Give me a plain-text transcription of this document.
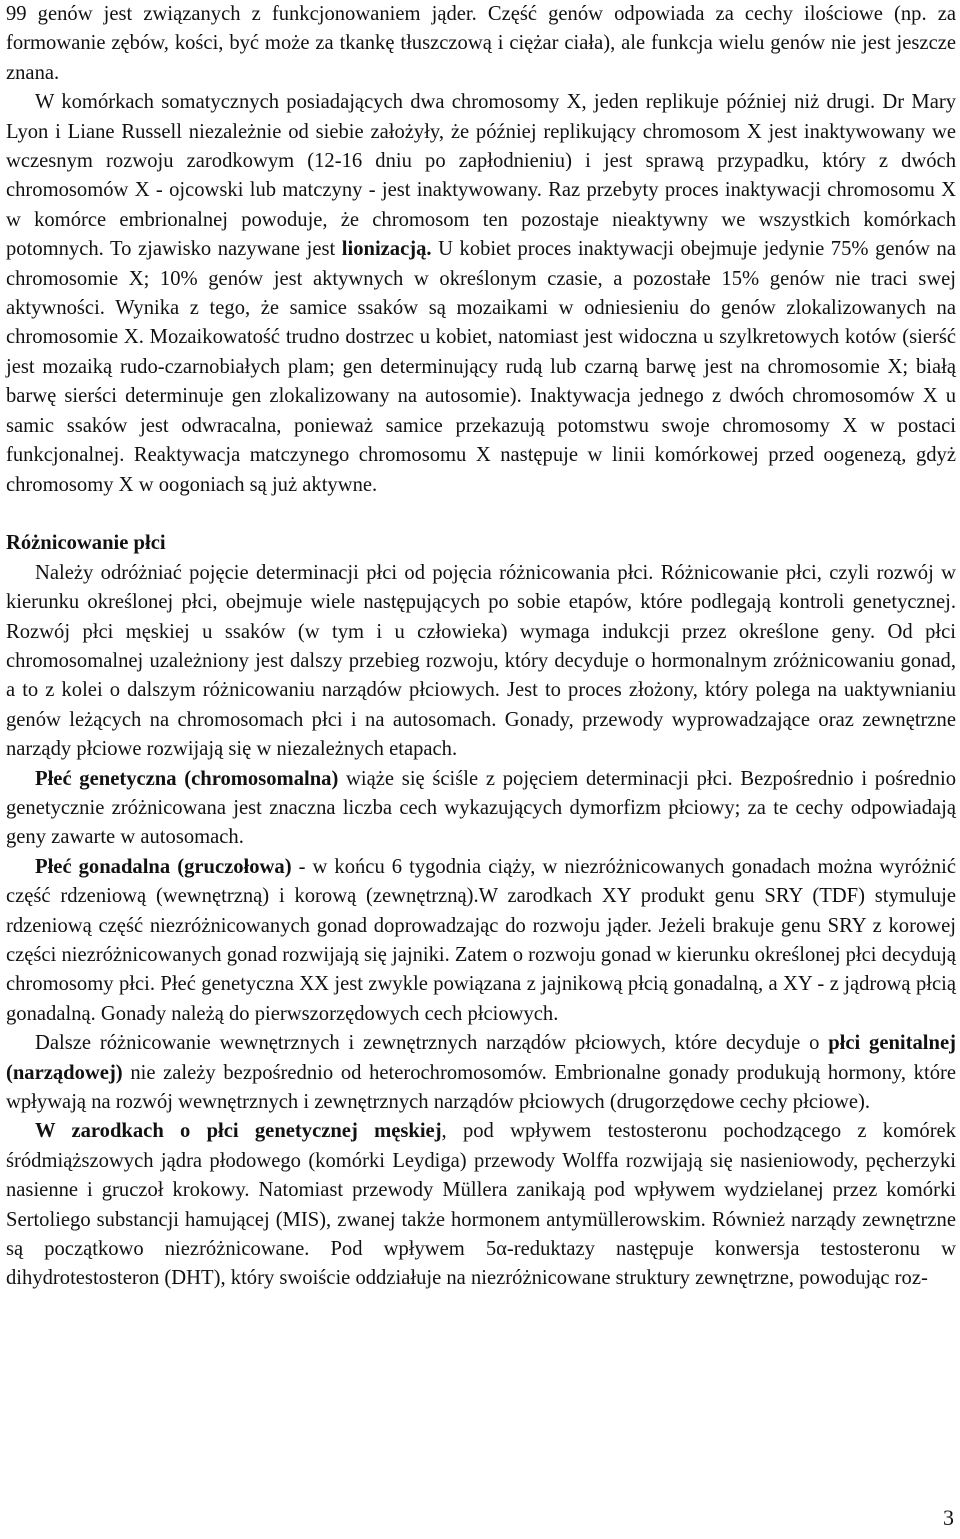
99 genów jest związanych z funkcjonowaniem jąder. Część genów odpowiada za cechy ilościowe (np. za formowanie zębów, kości, być może za tkankę tłuszczową i ciężar ciała), ale funkcja wielu genów nie jest jeszcze znana.

W komórkach somatycznych posiadających dwa chromosomy X, jeden replikuje później niż drugi. Dr Mary Lyon i Liane Russell niezależnie od siebie założyły, że później replikujący chromosom X jest inaktywowany we wczesnym rozwoju zarodkowym (12-16 dniu po zapłodnieniu) i jest sprawą przypadku, który z dwóch chromosomów X - ojcowski lub matczyny - jest inaktywowany. Raz przebyty proces inaktywacji chromosomu X w komórce embrionalnej powoduje, że chromosom ten pozostaje nieaktywny we wszystkich komórkach potomnych. To zjawisko nazywane jest lionizacją. U kobiet proces inaktywacji obejmuje jedynie 75% genów na chromosomie X; 10% genów jest aktywnych w określonym czasie, a pozostałe 15% genów nie traci swej aktywności. Wynika z tego, że samice ssaków są mozaikami w odniesieniu do genów zlokalizowanych na chromosomie X. Mozaikowatość trudno dostrzec u kobiet, natomiast jest widoczna u szylkretowych kotów (sierść jest mozaiką rudo-czarnobiałych plam; gen determinujący rudą lub czarną barwę jest na chromosomie X; białą barwę sierści determinuje gen zlokalizowany na autosomie). Inaktywacja jednego z dwóch chromosomów X u samic ssaków jest odwracalna, ponieważ samice przekazują potomstwu swoje chromosomy X w postaci funkcjonalnej. Reaktywacja matczynego chromosomu X następuje w linii komórkowej przed oogenezą, gdyż chromosomy X w oogoniach są już aktywne.

Różnicowanie płci

Należy odróżniać pojęcie determinacji płci od pojęcia różnicowania płci. Różnicowanie płci, czyli rozwój w kierunku określonej płci, obejmuje wiele następujących po sobie etapów, które podlegają kontroli genetycznej. Rozwój płci męskiej u ssaków (w tym i u człowieka) wymaga indukcji przez określone geny. Od płci chromosomalnej uzależniony jest dalszy przebieg rozwoju, który decyduje o hormonalnym zróżnicowaniu gonad, a to z kolei o dalszym różnicowaniu narządów płciowych. Jest to proces złożony, który polega na uaktywnianiu genów leżących na chromosomach płci i na autosomach. Gonady, przewody wyprowadzające oraz zewnętrzne narządy płciowe rozwijają się w niezależnych etapach.

Płeć genetyczna (chromosomalna) wiąże się ściśle z pojęciem determinacji płci. Bezpośrednio i pośrednio genetycznie zróżnicowana jest znaczna liczba cech wykazujących dymorfizm płciowy; za te cechy odpowiadają geny zawarte w autosomach.

Płeć gonadalna (gruczołowa) - w końcu 6 tygodnia ciąży, w niezróżnicowanych gonadach można wyróżnić część rdzeniową (wewnętrzną) i korową (zewnętrzną).W zarodkach XY produkt genu SRY (TDF) stymuluje rdzeniową część niezróżnicowanych gonad doprowadzając do rozwoju jąder. Jeżeli brakuje genu SRY z korowej części niezróżnicowanych gonad rozwijają się jajniki. Zatem o rozwoju gonad w kierunku określonej płci decydują chromosomy płci. Płeć genetyczna XX jest zwykle powiązana z jajnikową płcią gonadalną, a XY - z jądrową płcią gonadalną. Gonady należą do pierwszorzędowych cech płciowych.

Dalsze różnicowanie wewnętrznych i zewnętrznych narządów płciowych, które decyduje o płci genitalnej (narządowej) nie zależy bezpośrednio od heterochromosomów. Embrionalne gonady produkują hormony, które wpływają na rozwój wewnętrznych i zewnętrznych narządów płciowych (drugorzędowe cechy płciowe).

W zarodkach o płci genetycznej męskiej, pod wpływem testosteronu pochodzącego z komórek śródmiąższowych jądra płodowego (komórki Leydiga) przewody Wolffa rozwijają się nasieniowody, pęcherzyki nasienne i gruczoł krokowy. Natomiast przewody Müllera zanikają pod wpływem wydzielanej przez komórki Sertoliego substancji hamującej (MIS), zwanej także hormonem antymüllerowskim. Również narządy zewnętrzne są początkowo niezróżnicowane. Pod wpływem 5α-reduktazy następuje konwersja testosteronu w dihydrotestosteron (DHT), który swoiście oddziałuje na niezróżnicowane struktury zewnętrzne, powodując roz-

3
